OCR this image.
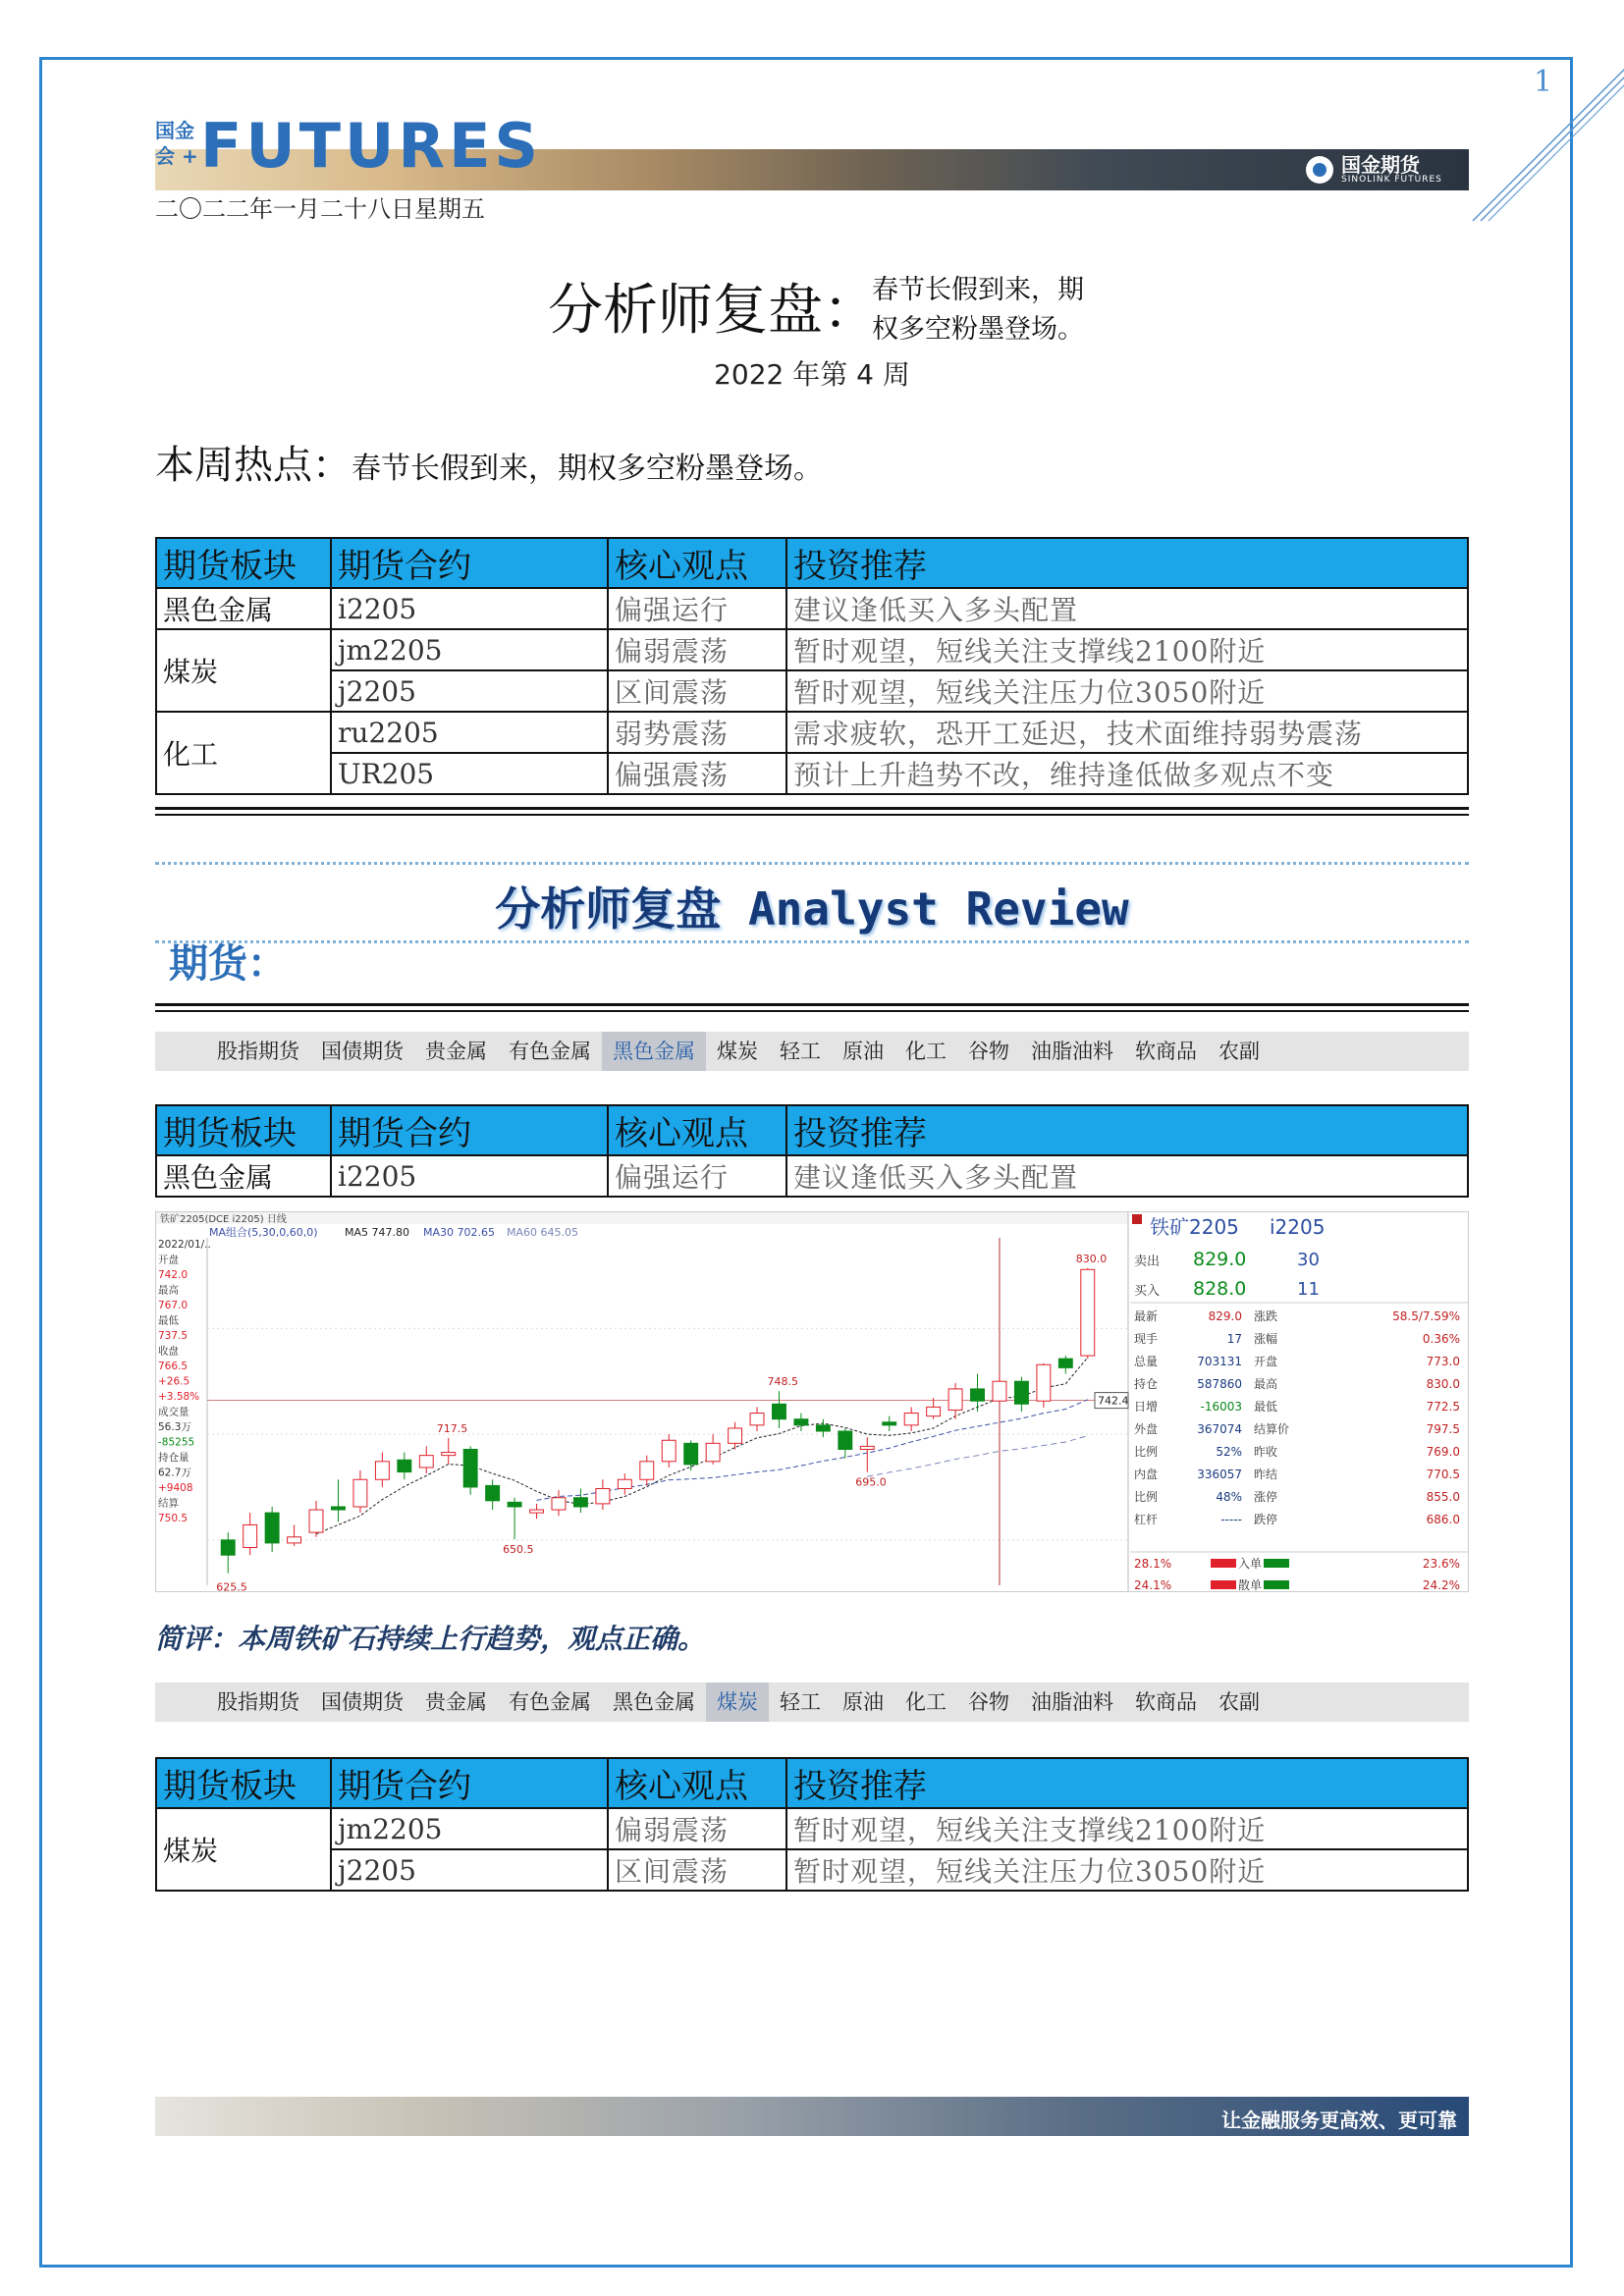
1
FUTURES
国金
会 +	国金期货
SINOLINK FUTURES
二〇二二年一月二十八日星期五
分析师复盘：
春节长假到来，期权多空粉墨登场。
2022 年第 4 周
本周热点：春节长假到来，期权多空粉墨登场。
期货板块	期货合约	核心观点	投资推荐
黑色金属	i2205	偏强运行	建议逢低买入多头配置
煤炭	jm2205	偏弱震荡	暂时观望，短线关注支撑线2100附近
	j2205	区间震荡	暂时观望，短线关注压力位3050附近
化工	ru2205	弱势震荡	需求疲软，恐开工延迟，技术面维持弱势震荡
	UR205	偏强震荡	预计上升趋势不改，维持逢低做多观点不变
分析师复盘 Analyst Review
期货：
股指期货	国债期货	贵金属	有色金属	黑色金属	煤炭	轻工	原油	化工	谷物	油脂油料	软商品	农副
期货板块	期货合约	核心观点	投资推荐
黑色金属	i2205	偏强运行	建议逢低买入多头配置
铁矿2205(DCE i2205) 日线
MA组合(5,30,0,60,0) MA5 747.80 MA30 702.65 MA60 645.05
2022/01/..
开盘
742.0
最高
767.0
最低
737.5
收盘
766.5
+26.5
+3.58%
成交量
56.3万
-85255
持仓量
62.7万
+9408
结算
750.5
742.4
830.0
748.5
717.5
695.0
650.5
625.5
铁矿2205 i2205
卖出 829.0	30
买入 828.0	11
最新	829.0 涨跌	58.5/7.59%
现手	17 涨幅	0.36%
总量	703131 开盘	773.0
持仓	587860 最高	830.0
日增	-16003 最低	772.5
外盘	367074 结算价	797.5
比例	52% 昨收	769.0
内盘	336057 昨结	770.5
比例	48% 涨停	855.0
杠杆	----- 跌停	686.0
28.1%	入单	23.6%
24.1%	散单	24.2%
简评：本周铁矿石持续上行趋势，观点正确。
股指期货	国债期货	贵金属	有色金属	黑色金属	煤炭	轻工	原油	化工	谷物	油脂油料	软商品	农副
期货板块	期货合约	核心观点	投资推荐
煤炭	jm2205	偏弱震荡	暂时观望，短线关注支撑线2100附近
	j2205	区间震荡	暂时观望，短线关注压力位3050附近
让金融服务更高效、更可靠
